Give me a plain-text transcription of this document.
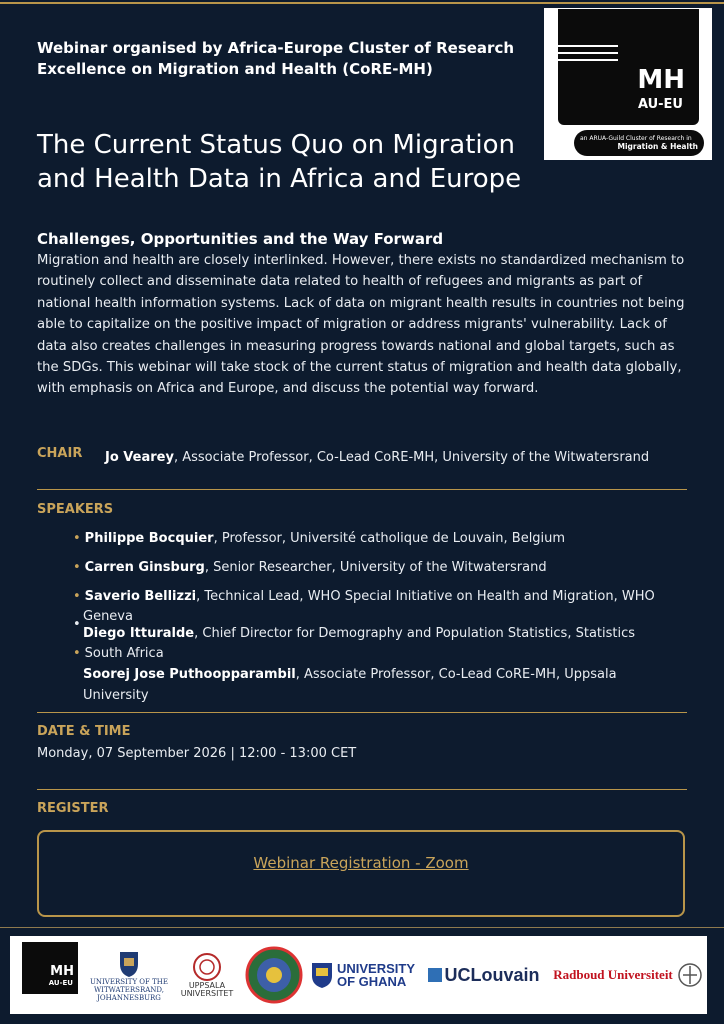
Webinar organised by Africa-Europe Cluster of Research Excellence on Migration and Health (CoRE-MH)	MH
AU-EU
an ARUA-Guild Cluster of Research in
Migration & Health
The Current Status Quo on Migration and Health Data in Africa and Europe
Challenges, Opportunities and the Way Forward
Migration and health are closely interlinked. However, there exists no standardized mechanism to routinely collect and disseminate data related to health of refugees and migrants as part of national health information systems. Lack of data on migrant health results in countries not being able to capitalize on the positive impact of migration or address migrants' vulnerability. Lack of data also creates challenges in measuring progress towards national and global targets, such as the SDGs. This webinar will take stock of the current status of migration and health data globally, with emphasis on Africa and Europe, and discuss the potential way forward.
CHAIR Jo Vearey, Associate Professor, Co-Lead CoRE-MH, University of the Witwatersrand
SPEAKERS
• Philippe Bocquier, Professor, Université catholique de Louvain, Belgium
• Carren Ginsburg, Senior Researcher, University of the Witwatersrand
• Saverio Bellizzi, Technical Lead, WHO Special Initiative on Health and Migration, WHO
Geneva
•
Diego Itturalde, Chief Director for Demography and Population Statistics, Statistics
• South Africa
Soorej Jose Puthoopparambil, Associate Professor, Co-Lead CoRE-MH, Uppsala
University
DATE & TIME
Monday, 07 September 2026 | 12:00 - 13:00 CET
REGISTER
Webinar Registration - Zoom
MH
AU-EU UNIVERSITY OF THE WITWATERSRAND, JOHANNESBURG
UPPSALA
UNIVERSITET
UNIVERSITY
OF GHANA	UCLouvain Radboud Universiteit
